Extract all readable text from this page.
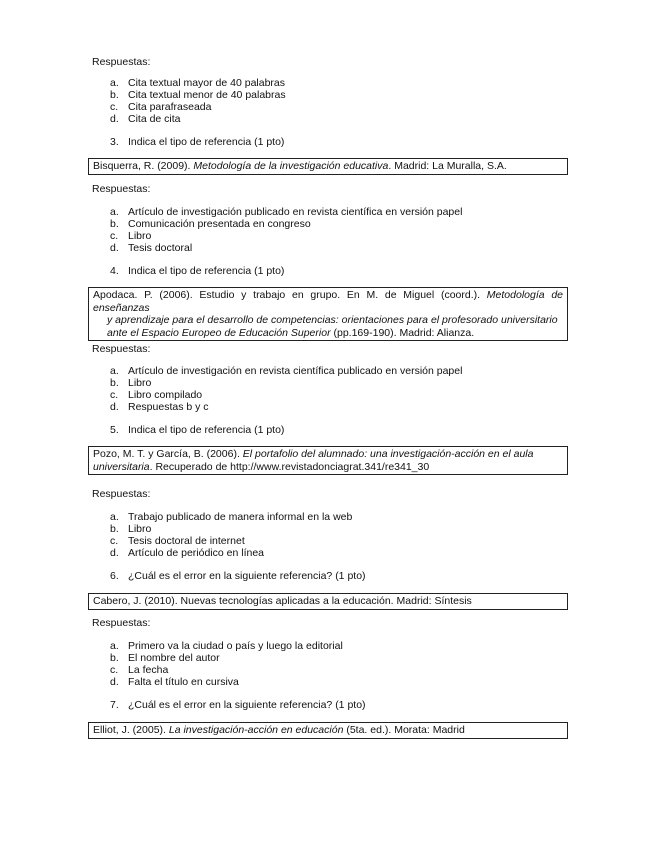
Respuestas:
a. Cita textual mayor de 40 palabras
b. Cita textual menor de 40 palabras
c. Cita parafraseada
d. Cita de cita
3. Indica el tipo de referencia (1 pto)
Bisquerra, R. (2009). Metodología de la investigación educativa. Madrid: La Muralla, S.A.
Respuestas:
a. Artículo de investigación publicado en revista científica en versión papel
b. Comunicación presentada en congreso
c. Libro
d. Tesis doctoral
4. Indica el tipo de referencia (1 pto)
Apodaca. P. (2006). Estudio y trabajo en grupo. En M. de Miguel (coord.). Metodología de enseñanzas
y aprendizaje para el desarrollo de competencias: orientaciones para el profesorado universitario
ante el Espacio Europeo de Educación Superior (pp.169-190). Madrid: Alianza.
Respuestas:
a. Artículo de investigación en revista científica publicado en versión papel
b. Libro
c. Libro compilado
d. Respuestas b y c
5. Indica el tipo de referencia (1 pto)
Pozo, M. T. y García, B. (2006). El portafolio del alumnado: una investigación-acción en el aula
universitaria. Recuperado de http://www.revistadonciagrat.341/re341_30
Respuestas:
a. Trabajo publicado de manera informal en la web
b. Libro
c. Tesis doctoral de internet
d. Artículo de periódico en línea
6. ¿Cuál es el error en la siguiente referencia? (1 pto)
Cabero, J. (2010). Nuevas tecnologías aplicadas a la educación. Madrid: Síntesis
Respuestas:
a. Primero va la ciudad o país y luego la editorial
b. El nombre del autor
c. La fecha
d. Falta el título en cursiva
7. ¿Cuál es el error en la siguiente referencia? (1 pto)
Elliot, J. (2005). La investigación-acción en educación (5ta. ed.). Morata: Madrid
